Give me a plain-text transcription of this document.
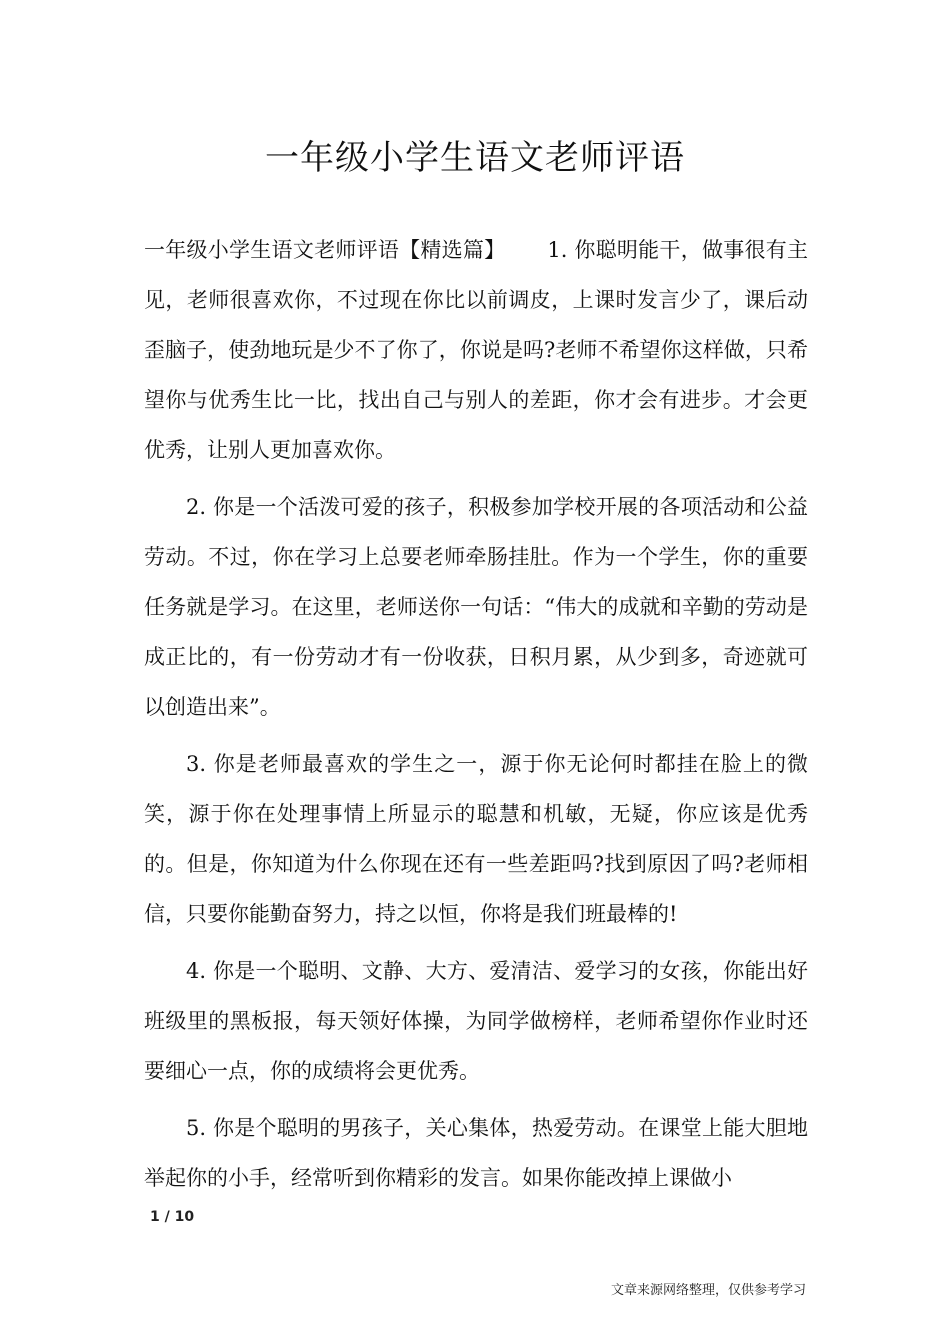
一年级小学生语文老师评语

一年级小学生语文老师评语【精选篇】 1. 你聪明能干，做事很有主见，老师很喜欢你，不过现在你比以前调皮，上课时发言少了，课后动歪脑子，使劲地玩是少不了你了，你说是吗?老师不希望你这样做，只希望你与优秀生比一比，找出自己与别人的差距，你才会有进步。才会更优秀，让别人更加喜欢你。

2. 你是一个活泼可爱的孩子，积极参加学校开展的各项活动和公益劳动。不过，你在学习上总要老师牵肠挂肚。作为一个学生，你的重要任务就是学习。在这里，老师送你一句话：“伟大的成就和辛勤的劳动是成正比的，有一份劳动才有一份收获，日积月累，从少到多，奇迹就可以创造出来”。

3. 你是老师最喜欢的学生之一，源于你无论何时都挂在脸上的微笑，源于你在处理事情上所显示的聪慧和机敏，无疑，你应该是优秀的。但是，你知道为什么你现在还有一些差距吗?找到原因了吗?老师相信，只要你能勤奋努力，持之以恒，你将是我们班最棒的!

4. 你是一个聪明、文静、大方、爱清洁、爱学习的女孩，你能出好班级里的黑板报，每天领好体操，为同学做榜样，老师希望你作业时还要细心一点，你的成绩将会更优秀。

5. 你是个聪明的男孩子，关心集体，热爱劳动。在课堂上能大胆地举起你的小手，经常听到你精彩的发言。如果你能改掉上课做小

1 / 10
文章来源网络整理，仅供参考学习
